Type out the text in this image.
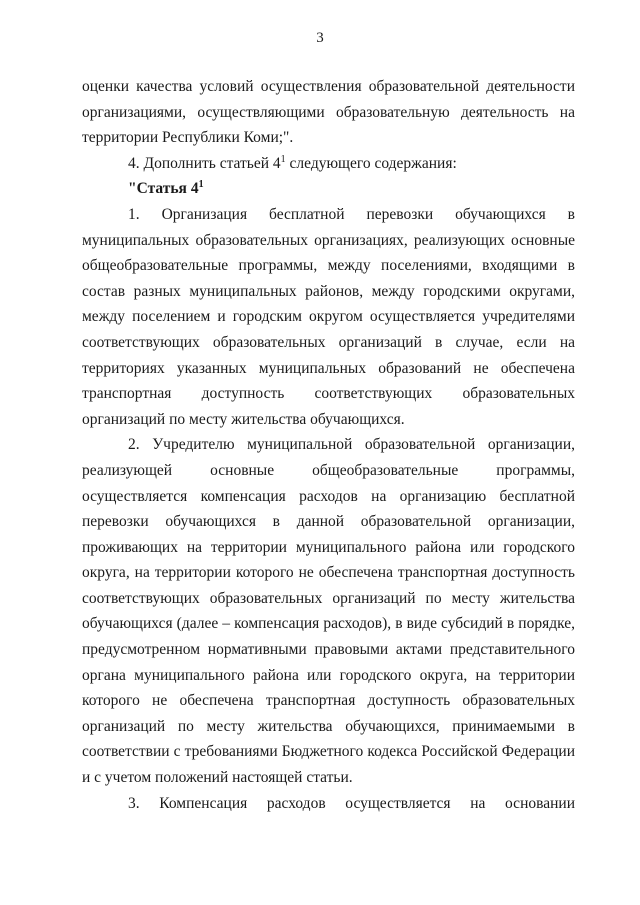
3

оценки качества условий осуществления образовательной деятельности организациями, осуществляющими образовательную деятельность на территории Республики Коми;".

4. Дополнить статьей $4^1$ следующего содержания:

"Статья $4^1$

1. Организация бесплатной перевозки обучающихся в муниципальных образовательных организациях, реализующих основные общеобразовательные программы, между поселениями, входящими в состав разных муниципальных районов, между городскими округами, между поселением и городским округом осуществляется учредителями соответствующих образовательных организаций в случае, если на территориях указанных муниципальных образований не обеспечена транспортная доступность соответствующих образовательных организаций по месту жительства обучающихся.

2. Учредителю муниципальной образовательной организации, реализующей основные общеобразовательные программы, осуществляется компенсация расходов на организацию бесплатной перевозки обучающихся в данной образовательной организации, проживающих на территории муниципального района или городского округа, на территории которого не обеспечена транспортная доступность соответствующих образовательных организаций по месту жительства обучающихся (далее – компенсация расходов), в виде субсидий в порядке, предусмотренном нормативными правовыми актами представительного органа муниципального района или городского округа, на территории которого не обеспечена транспортная доступность образовательных организаций по месту жительства обучающихся, принимаемыми в соответствии с требованиями Бюджетного кодекса Российской Федерации и с учетом положений настоящей статьи.

3. Компенсация расходов осуществляется на основании
